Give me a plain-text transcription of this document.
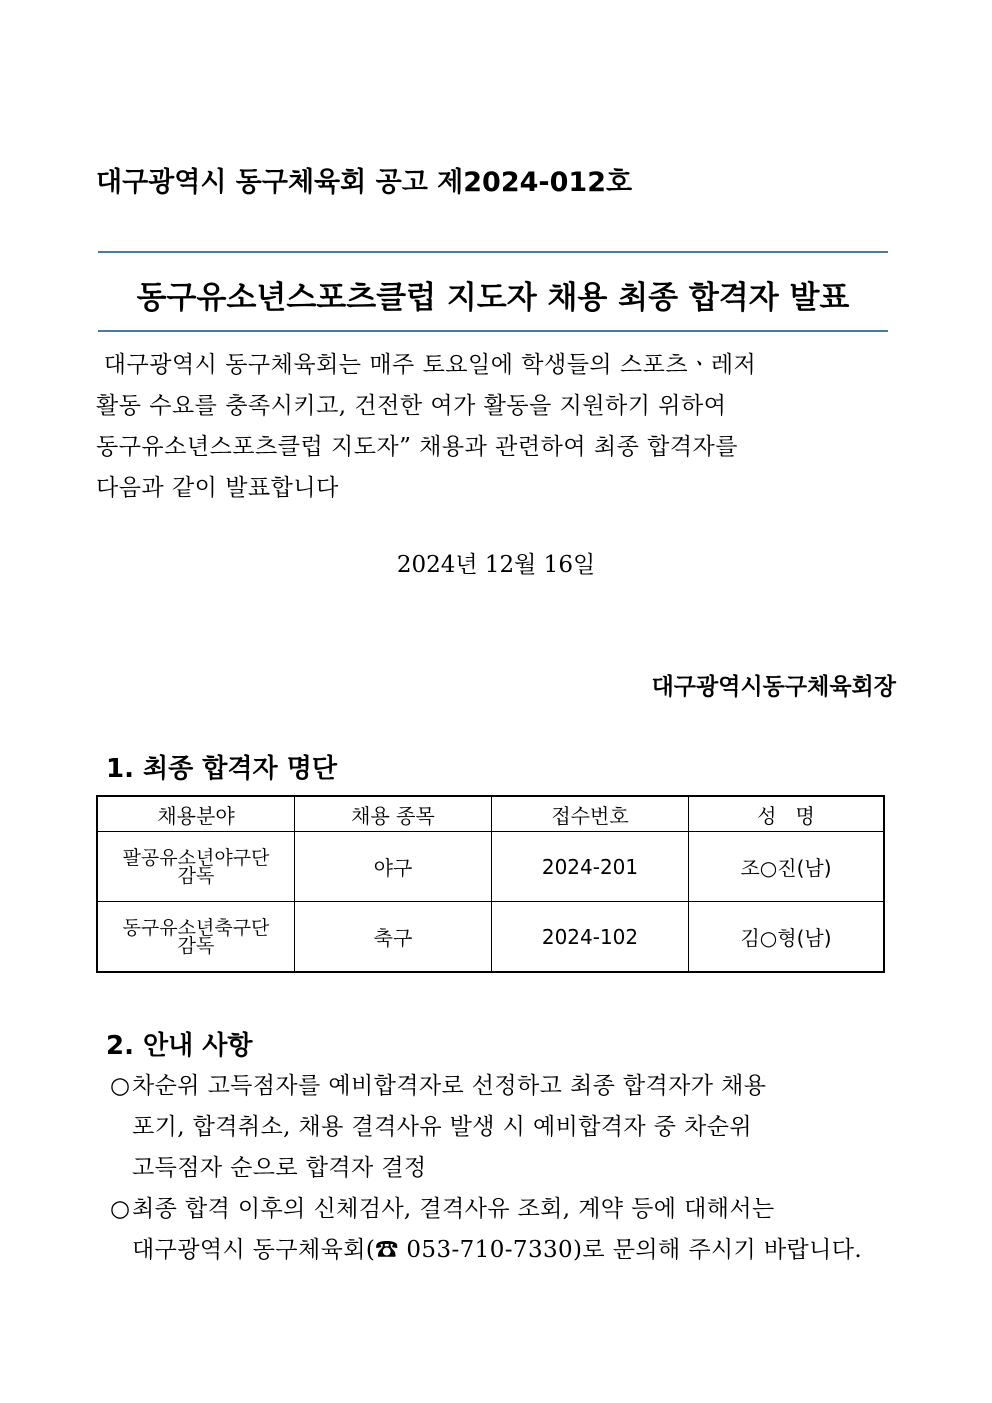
대구광역시 동구체육회 공고 제2024-012호
동구유소년스포츠클럽 지도자 채용 최종 합격자 발표
대구광역시 동구체육회는 매주 토요일에 학생들의 스포츠ㆍ레저
활동 수요를 충족시키고, 건전한 여가 활동을 지원하기 위하여
동구유소년스포츠클럽 지도자” 채용과 관련하여 최종 합격자를
다음과 같이 발표합니다
2024년 12월 16일
대구광역시동구체육회장
1. 최종 합격자 명단
채용분야	채용 종목	접수번호	성   명

팔공유소년야구단
감독	야구	2024-201	조○진(남)

동구유소년축구단
감독	축구	2024-102	김○형(남)
2. 안내 사항
○ 차순위 고득점자를 예비합격자로 선정하고 최종 합격자가 채용
포기, 합격취소, 채용 결격사유 발생 시 예비합격자 중 차순위
고득점자 순으로 합격자 결정
○ 최종 합격 이후의 신체검사, 결격사유 조회, 계약 등에 대해서는
대구광역시 동구체육회(☎ 053-710-7330)로 문의해 주시기 바랍니다.
